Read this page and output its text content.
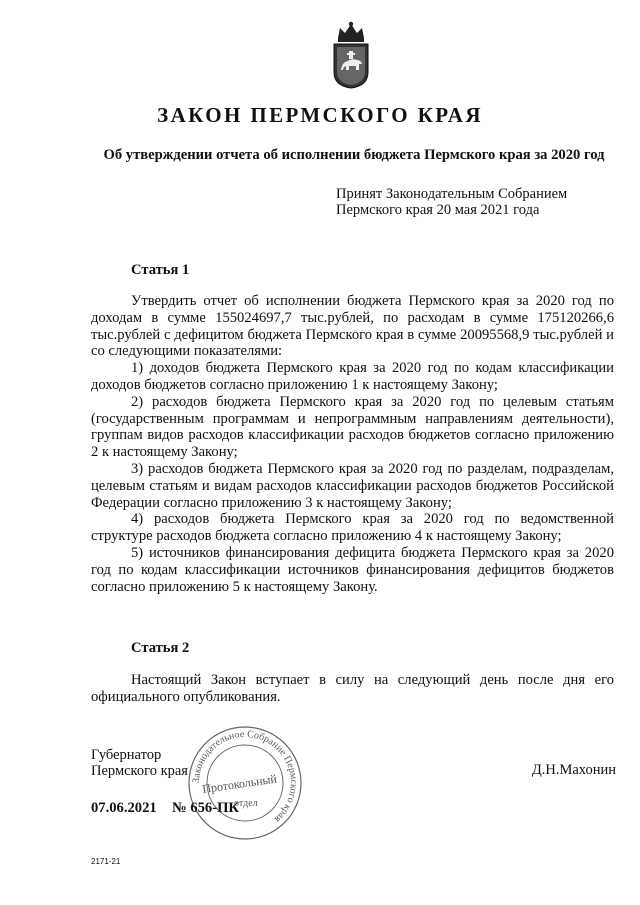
ЗАКОН ПЕРМСКОГО КРАЯ
Об утверждении отчета об исполнении бюджета Пермского края за 2020 год
Принят Законодательным Собранием
Пермского края 20 мая 2021 года
Статья 1

Утвердить отчет об исполнении бюджета Пермского края за 2020 год по доходам в сумме 155024697,7 тыс.рублей, по расходам в сумме 175120266,6 тыс.рублей с дефицитом бюджета Пермского края в сумме 20095568,9 тыс.рублей и со следующими показателями:

1) доходов бюджета Пермского края за 2020 год по кодам классификации доходов бюджетов согласно приложению 1 к настоящему Закону;

2) расходов бюджета Пермского края за 2020 год по целевым статьям (государственным программам и непрограммным направлениям деятельности), группам видов расходов классификации расходов бюджетов согласно приложению 2 к настоящему Закону;

3) расходов бюджета Пермского края за 2020 год по разделам, подразделам, целевым статьям и видам расходов классификации расходов бюджетов Российской Федерации согласно приложению 3 к настоящему Закону;

4) расходов бюджета Пермского края за 2020 год по ведомственной структуре расходов бюджета согласно приложению 4 к настоящему Закону;

5) источников финансирования дефицита бюджета Пермского края за 2020 год по кодам классификации источников финансирования дефицитов бюджетов согласно приложению 5 к настоящему Закону.

Статья 2

Настоящий Закон вступает в силу на следующий день после дня его официального опубликования.

Губернатор
Пермского края	Д.Н.Махонин
07.06.2021 № 656-ПК
Законодательное Собрание Пермского края
Протокольный
отдел
2171-21
